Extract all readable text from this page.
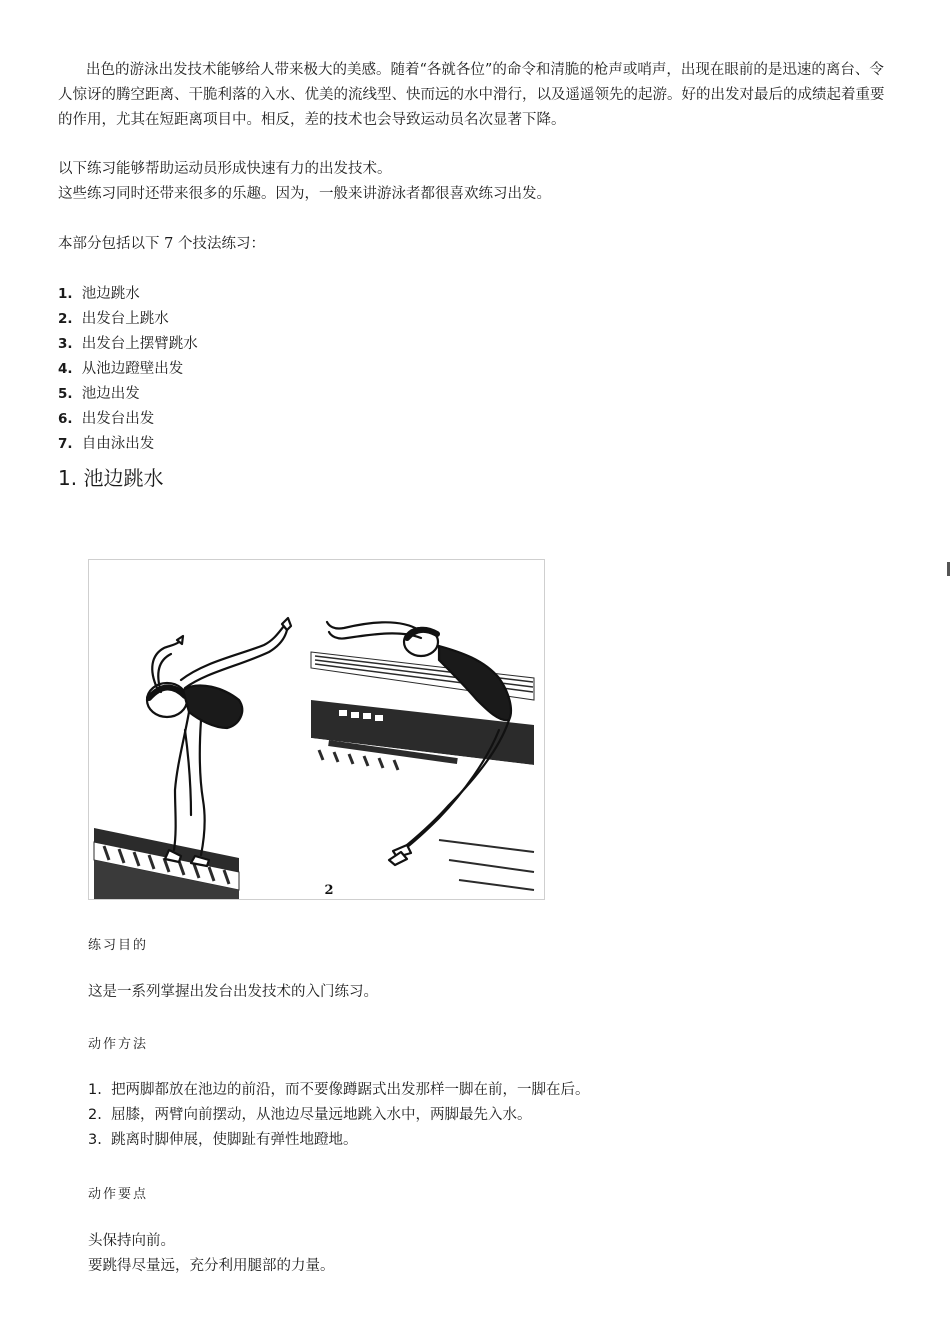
出色的游泳出发技术能够给人带来极大的美感。随着“各就各位”的命令和清脆的枪声或哨声，出现在眼前的是迅速的离台、令人惊讶的腾空距离、干脆利落的入水、优美的流线型、快而远的水中滑行，以及遥遥领先的起游。好的出发对最后的成绩起着重要的作用，尤其在短距离项目中。相反，差的技术也会导致运动员名次显著下降。

以下练习能够帮助运动员形成快速有力的出发技术。

这些练习同时还带来很多的乐趣。因为，一般来讲游泳者都很喜欢练习出发。

本部分包括以下 7 个技法练习：

1. 池边跳水
2. 出发台上跳水
3. 出发台上摆臂跳水
4. 从池边蹬壁出发
5. 池边出发
6. 出发台出发
7. 自由泳出发
1. 池边跳水
2

练习目的

这是一系列掌握出发台出发技术的入门练习。

动作方法

1.  把两脚都放在池边的前沿，而不要像蹲踞式出发那样一脚在前，一脚在后。
2.  屈膝，两臂向前摆动，从池边尽量远地跳入水中，两脚最先入水。
3.  跳离时脚伸展，使脚趾有弹性地蹬地。

动作要点

头保持向前。

要跳得尽量远，充分利用腿部的力量。
